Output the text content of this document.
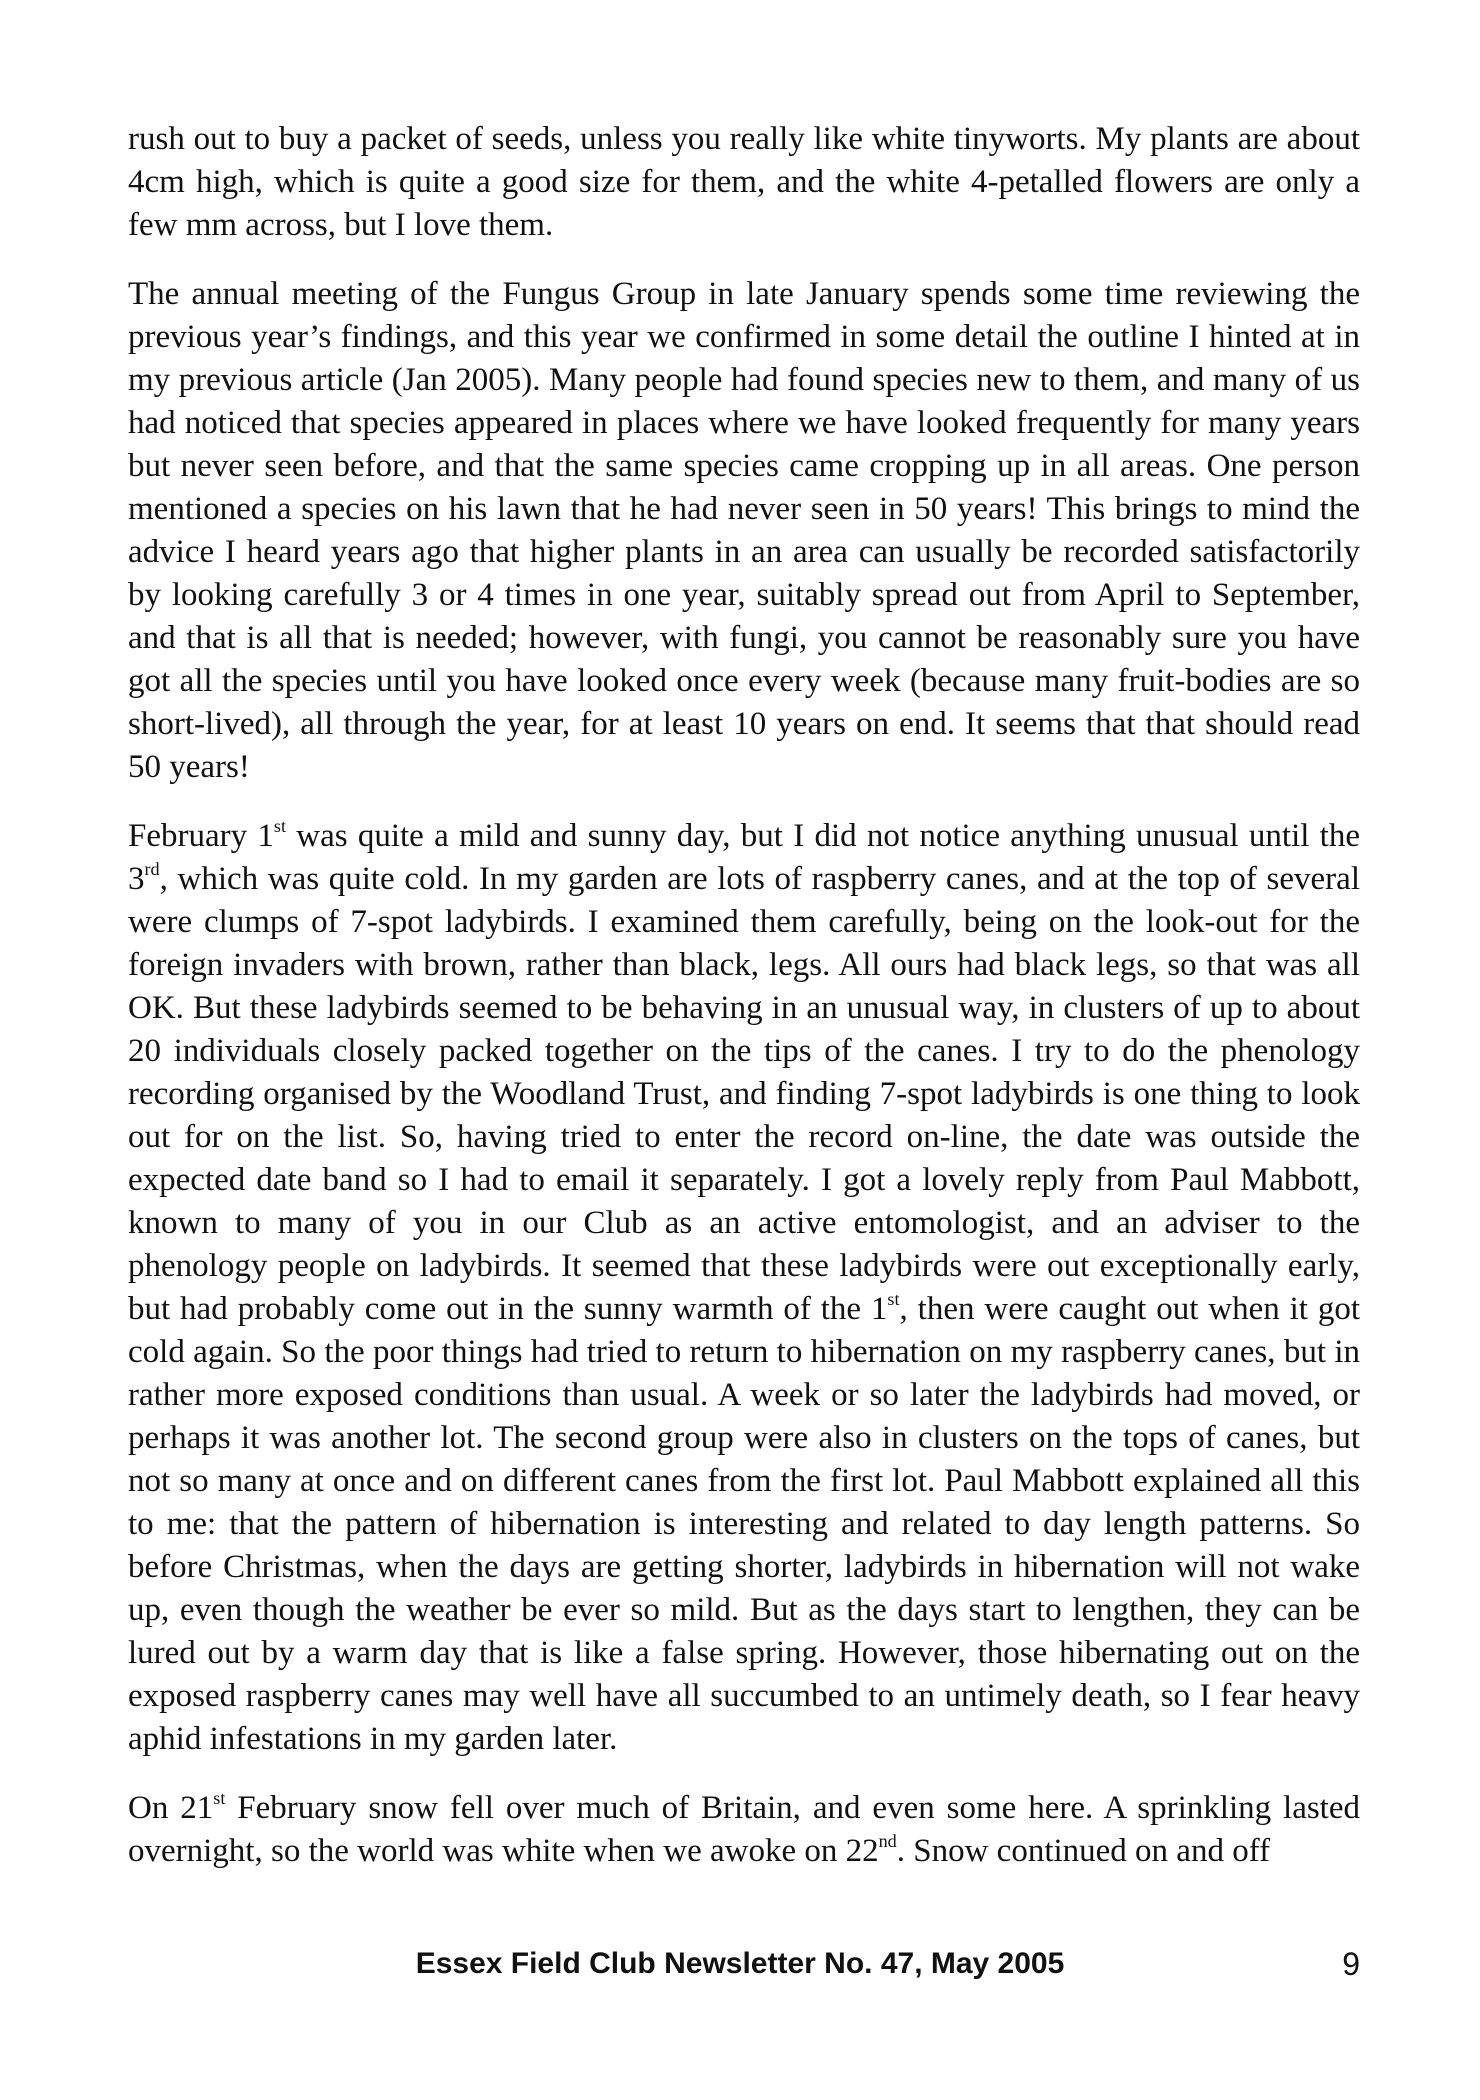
rush out to buy a packet of seeds, unless you really like white tinyworts. My plants are about 4cm high, which is quite a good size for them, and the white 4-petalled flowers are only a few mm across, but I love them.

The annual meeting of the Fungus Group in late January spends some time reviewing the previous year’s findings, and this year we confirmed in some detail the outline I hinted at in my previous article (Jan 2005). Many people had found species new to them, and many of us had noticed that species appeared in places where we have looked frequently for many years but never seen before, and that the same species came cropping up in all areas. One person mentioned a species on his lawn that he had never seen in 50 years! This brings to mind the advice I heard years ago that higher plants in an area can usually be recorded satisfactorily by looking carefully 3 or 4 times in one year, suitably spread out from April to September, and that is all that is needed; however, with fungi, you cannot be reasonably sure you have got all the species until you have looked once every week (because many fruit-bodies are so short-lived), all through the year, for at least 10 years on end. It seems that that should read 50 years!

February 1st was quite a mild and sunny day, but I did not notice anything unusual until the 3rd, which was quite cold. In my garden are lots of raspberry canes, and at the top of several were clumps of 7-spot ladybirds. I examined them carefully, being on the look-out for the foreign invaders with brown, rather than black, legs. All ours had black legs, so that was all OK. But these ladybirds seemed to be behaving in an unusual way, in clusters of up to about 20 individuals closely packed together on the tips of the canes. I try to do the phenology recording organised by the Woodland Trust, and finding 7-spot ladybirds is one thing to look out for on the list. So, having tried to enter the record on-line, the date was outside the expected date band so I had to email it separately. I got a lovely reply from Paul Mabbott, known to many of you in our Club as an active entomologist, and an adviser to the phenology people on ladybirds. It seemed that these ladybirds were out exceptionally early, but had probably come out in the sunny warmth of the 1st, then were caught out when it got cold again. So the poor things had tried to return to hibernation on my raspberry canes, but in rather more exposed conditions than usual. A week or so later the ladybirds had moved, or perhaps it was another lot. The second group were also in clusters on the tops of canes, but not so many at once and on different canes from the first lot. Paul Mabbott explained all this to me: that the pattern of hibernation is interesting and related to day length patterns. So before Christmas, when the days are getting shorter, ladybirds in hibernation will not wake up, even though the weather be ever so mild. But as the days start to lengthen, they can be lured out by a warm day that is like a false spring. However, those hibernating out on the exposed raspberry canes may well have all succumbed to an untimely death, so I fear heavy aphid infestations in my garden later.

On 21st February snow fell over much of Britain, and even some here. A sprinkling lasted overnight, so the world was white when we awoke on 22nd. Snow continued on and off

Essex Field Club Newsletter No. 47, May 2005	9
